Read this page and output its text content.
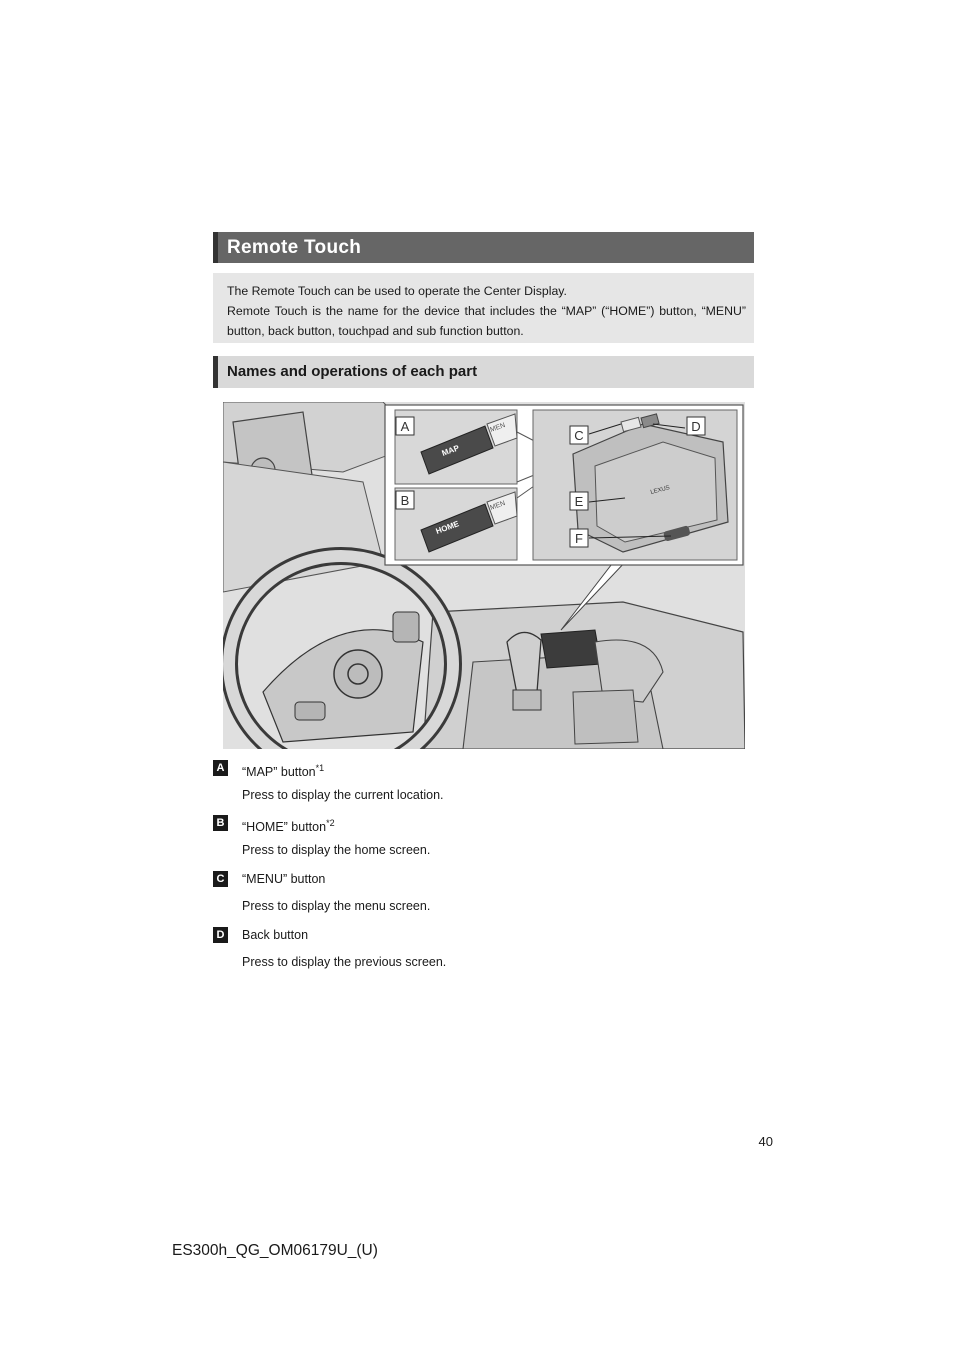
Remote Touch

The Remote Touch can be used to operate the Center Display.

Remote Touch is the name for the device that includes the “MAP” (“HOME”) button, “MENU” button, back button, touchpad and sub function button.

Names and operations of each part
MAP
MEN
HOME
MEN
LEXUS
A
B
C
D
E
F
A “MAP” button$^{*1}$
Press to display the current location.
B “HOME” button$^{*2}$
Press to display the home screen.
C “MENU” button
Press to display the menu screen.
D Back button
Press to display the previous screen.
40
ES300h_QG_OM06179U_(U)
